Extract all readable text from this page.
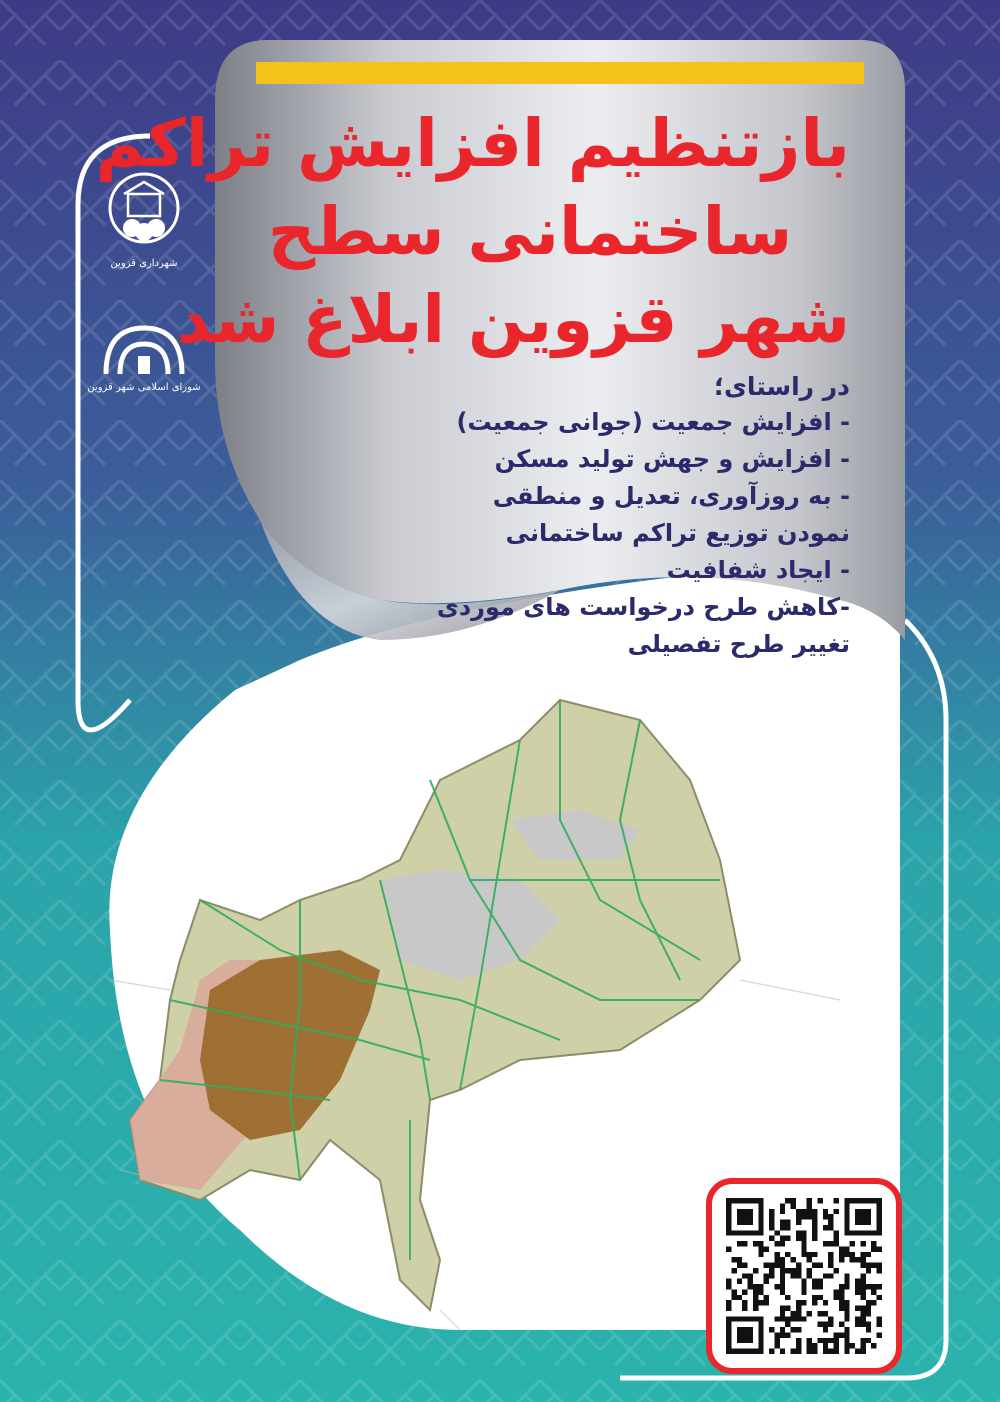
شهرداری قزوین
شورای اسلامی شهر قزوین
بازتنظیم افزایش تراکم
ساختمانی سطح
شهر قزوین ابلاغ شد
در راستای؛
- افزایش جمعیت (جوانی جمعیت)
- افزایش و جهش تولید مسکن
- به روزآوری، تعدیل و منطقی نمودن توزیع تراکم ساختمانی
- ایجاد شفافیت
-کاهش طرح درخواست های موردی تغییر طرح تفصیلی
